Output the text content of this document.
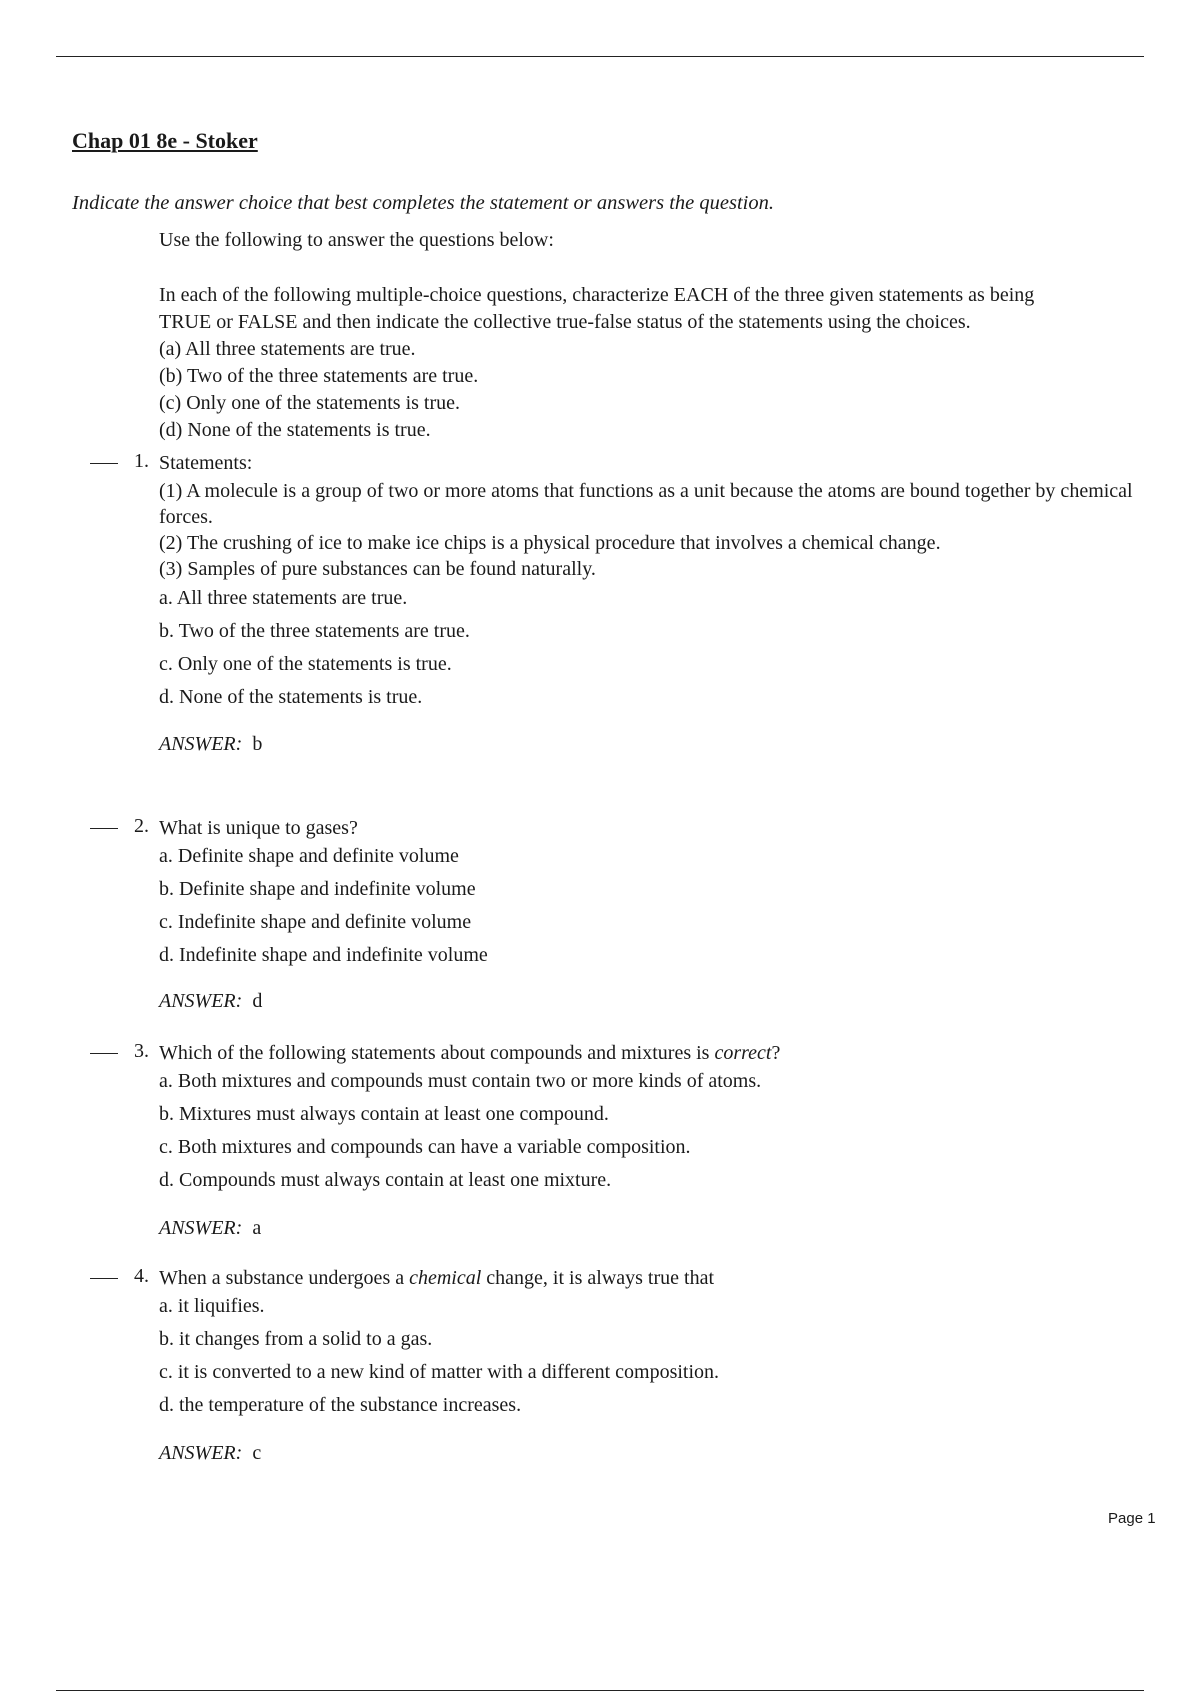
Chap 01 8e - Stoker
Indicate the answer choice that best completes the statement or answers the question.
Use the following to answer the questions below:
In each of the following multiple-choice questions, characterize EACH of the three given statements as being
TRUE or FALSE and then indicate the collective true-false status of the statements using the choices.
(a) All three statements are true.
(b) Two of the three statements are true.
(c) Only one of the statements is true.
(d) None of the statements is true.
1. Statements:
(1) A molecule is a group of two or more atoms that functions as a unit because the atoms are bound together by chemical forces.
(2) The crushing of ice to make ice chips is a physical procedure that involves a chemical change.
(3) Samples of pure substances can be found naturally.
a. All three statements are true.
b. Two of the three statements are true.
c. Only one of the statements is true.
d. None of the statements is true.
ANSWER: b
2. What is unique to gases?
a. Definite shape and definite volume
b. Definite shape and indefinite volume
c. Indefinite shape and definite volume
d. Indefinite shape and indefinite volume
ANSWER: d
3. Which of the following statements about compounds and mixtures is correct?
a. Both mixtures and compounds must contain two or more kinds of atoms.
b. Mixtures must always contain at least one compound.
c. Both mixtures and compounds can have a variable composition.
d. Compounds must always contain at least one mixture.
ANSWER: a
4. When a substance undergoes a chemical change, it is always true that
a. it liquifies.
b. it changes from a solid to a gas.
c. it is converted to a new kind of matter with a different composition.
d. the temperature of the substance increases.
ANSWER: c
Page 1
